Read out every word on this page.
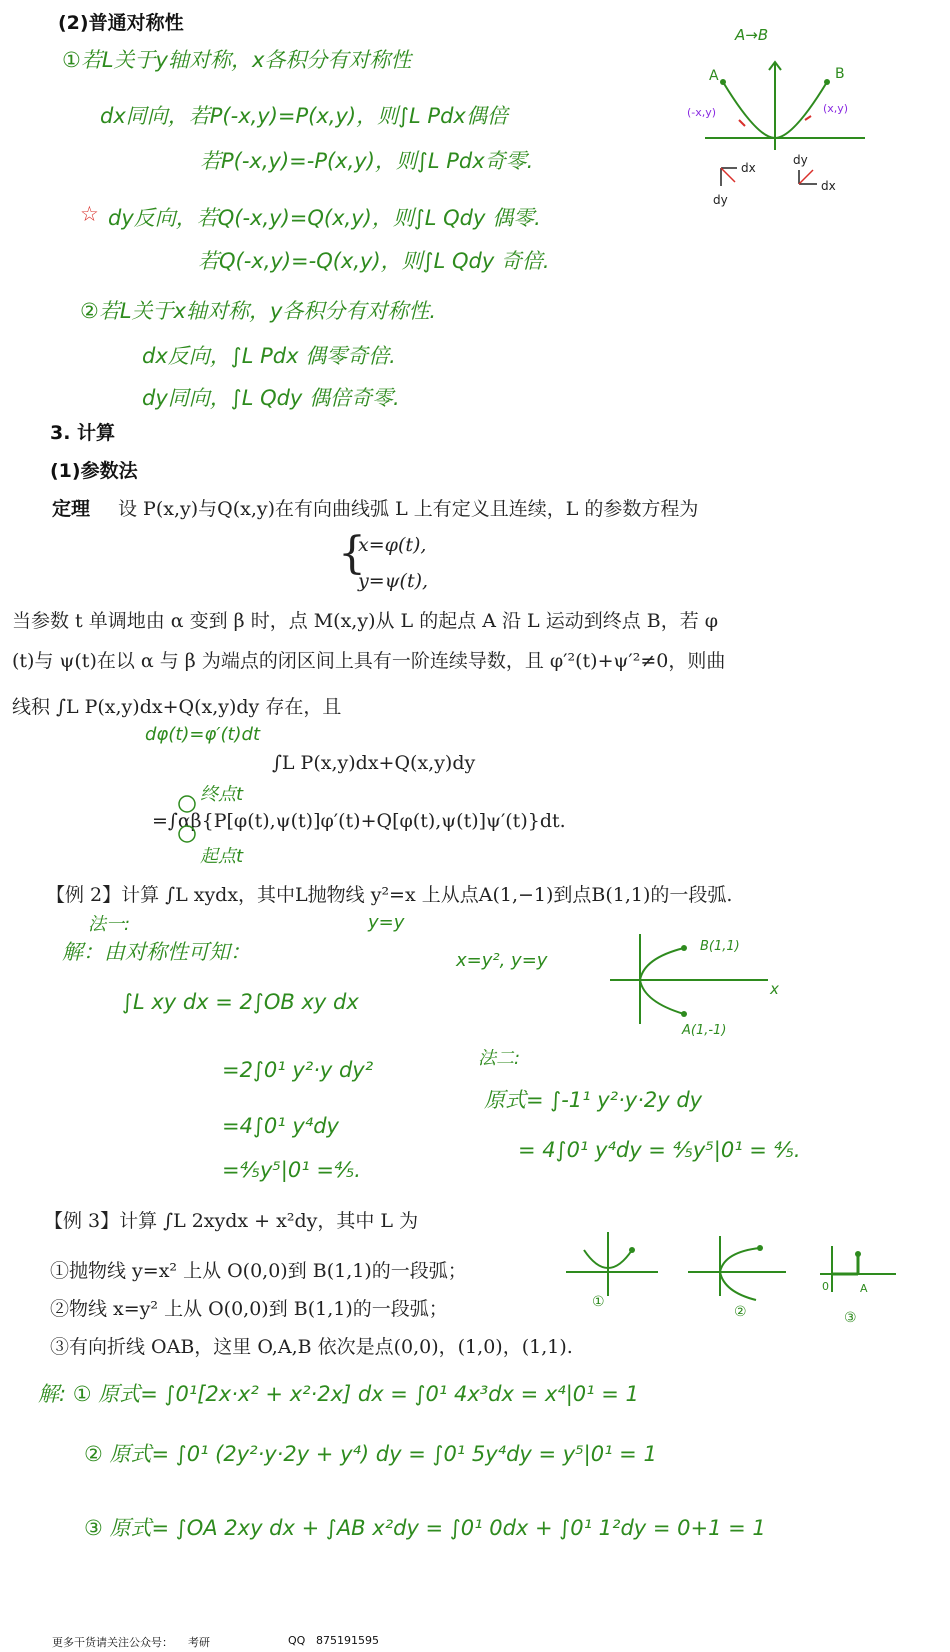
(2)普通对称性
①若L关于y轴对称，x各积分有对称性
dx同向，若P(-x,y)=P(x,y)，则∫L Pdx偶倍
若P(-x,y)=-P(x,y)，则∫L Pdx奇零.
☆ dy反向，若Q(-x,y)=Q(x,y)，则∫L Qdy 偶零.
若Q(-x,y)=-Q(x,y)，则∫L Qdy 奇倍.
②若L关于x轴对称，y各积分有对称性.
dx反向，∫L Pdx 偶零奇倍.
dy同向，∫L Qdy 偶倍奇零.
A→B
A	B
(-x,y)	(x,y)
dx
dy
dy
dx
3. 计算
(1)参数法
定理 设 P(x,y)与Q(x,y)在有向曲线弧 L 上有定义且连续，L 的参数方程为
{
x=φ(t),
y=ψ(t),
当参数 t 单调地由 α 变到 β 时，点 M(x,y)从 L 的起点 A 沿 L 运动到终点 B，若 φ
(t)与 ψ(t)在以 α 与 β 为端点的闭区间上具有一阶连续导数，且 φ′²(t)+ψ′²≠0，则曲
线积 ∫L P(x,y)dx+Q(x,y)dy 存在，且
dφ(t)=φ′(t)dt
∫L P(x,y)dx+Q(x,y)dy
=∫αβ{P[φ(t),ψ(t)]φ′(t)+Q[φ(t),ψ(t)]ψ′(t)}dt.
终点t
起点t
【例 2】计算 ∫L xydx，其中L抛物线 y²=x 上从点A(1,−1)到点B(1,1)的一段弧.
y=y
法一:
解：由对称性可知：
∫L xy dx = 2∫OB xy dx
=2∫0¹ y²·y dy²
=4∫0¹ y⁴dy
=⁴⁄₅y⁵|0¹ =⁴⁄₅.
x=y², y=y
法二:
原式= ∫-1¹ y²·y·2y dy
= 4∫0¹ y⁴dy = ⁴⁄₅y⁵|0¹ = ⁴⁄₅.
B(1,1)
A(1,-1)
x
【例 3】计算 ∫L 2xydx + x²dy，其中 L 为
①抛物线 y=x² 上从 O(0,0)到 B(1,1)的一段弧；
②物线 x=y² 上从 O(0,0)到 B(1,1)的一段弧；
③有向折线 OAB，这里 O,A,B 依次是点(0,0)，(1,0)，(1,1).
①
②
0	A
③
解: ① 原式= ∫0¹[2x·x² + x²·2x] dx = ∫0¹ 4x³dx = x⁴|0¹ = 1
② 原式= ∫0¹ (2y²·y·2y + y⁴) dy = ∫0¹ 5y⁴dy = y⁵|0¹ = 1
③ 原式= ∫OA 2xy dx + ∫AB x²dy = ∫0¹ 0dx + ∫0¹ 1²dy = 0+1 = 1
更多干货请关注公众号： 考研	QQ 875191595
